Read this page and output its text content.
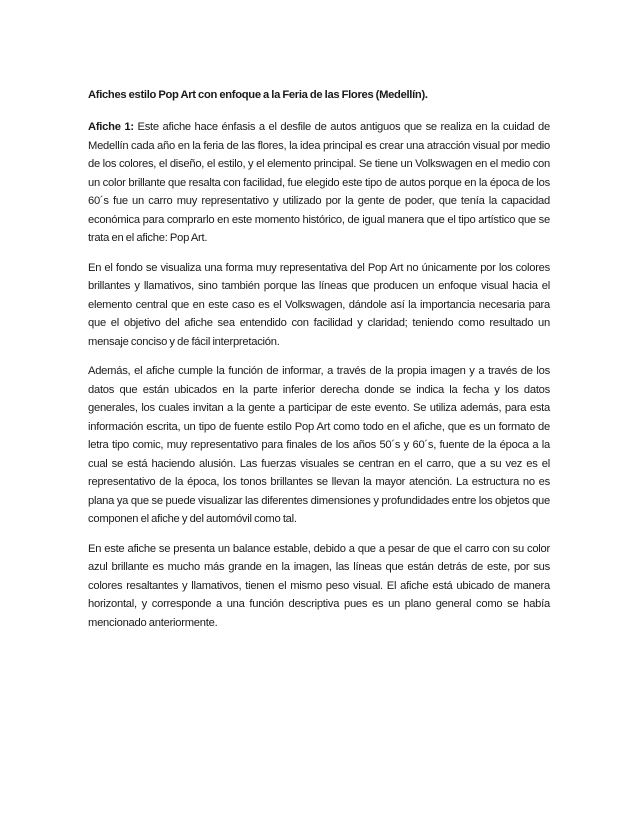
Afiches estilo Pop Art con enfoque a la Feria de las Flores (Medellín).

Afiche 1: Este afiche hace énfasis a el desfile de autos antiguos que se realiza en la cuidad de Medellín cada año en la feria de las flores, la idea principal es crear una atracción visual por medio de los colores, el diseño, el estilo, y el elemento principal. Se tiene un Volkswagen en el medio con un color brillante que resalta con facilidad, fue elegido este tipo de autos porque en la época de los 60´s fue un carro muy representativo y utilizado por la gente de poder, que tenía la capacidad económica para comprarlo en este momento histórico, de igual manera que el tipo artístico que se trata en el afiche: Pop Art.

En el fondo se visualiza una forma muy representativa del Pop Art no únicamente por los colores brillantes y llamativos, sino también porque las líneas que producen un enfoque visual hacia el elemento central que en este caso es el Volkswagen, dándole así la importancia necesaria para que el objetivo del afiche sea entendido con facilidad y claridad; teniendo como resultado un mensaje conciso y de fácil interpretación.

Además, el afiche cumple la función de informar, a través de la propia imagen y a través de los datos que están ubicados en la parte inferior derecha donde se indica la fecha y los datos generales, los cuales invitan a la gente a participar de este evento. Se utiliza además, para esta información escrita, un tipo de fuente estilo Pop Art como todo en el afiche, que es un formato de letra tipo comic, muy representativo para finales de los años 50´s y 60´s, fuente de la época a la cual se está haciendo alusión. Las fuerzas visuales se centran en el carro, que a su vez es el representativo de la época, los tonos brillantes se llevan la mayor atención. La estructura no es plana ya que se puede visualizar las diferentes dimensiones y profundidades entre los objetos que componen el afiche y del automóvil como tal.

En este afiche se presenta un balance estable, debido a que a pesar de que el carro con su color azul brillante es mucho más grande en la imagen, las líneas que están detrás de este, por sus colores resaltantes y llamativos, tienen el mismo peso visual. El afiche está ubicado de manera horizontal, y corresponde a una función descriptiva pues es un plano general como se había mencionado anteriormente.
